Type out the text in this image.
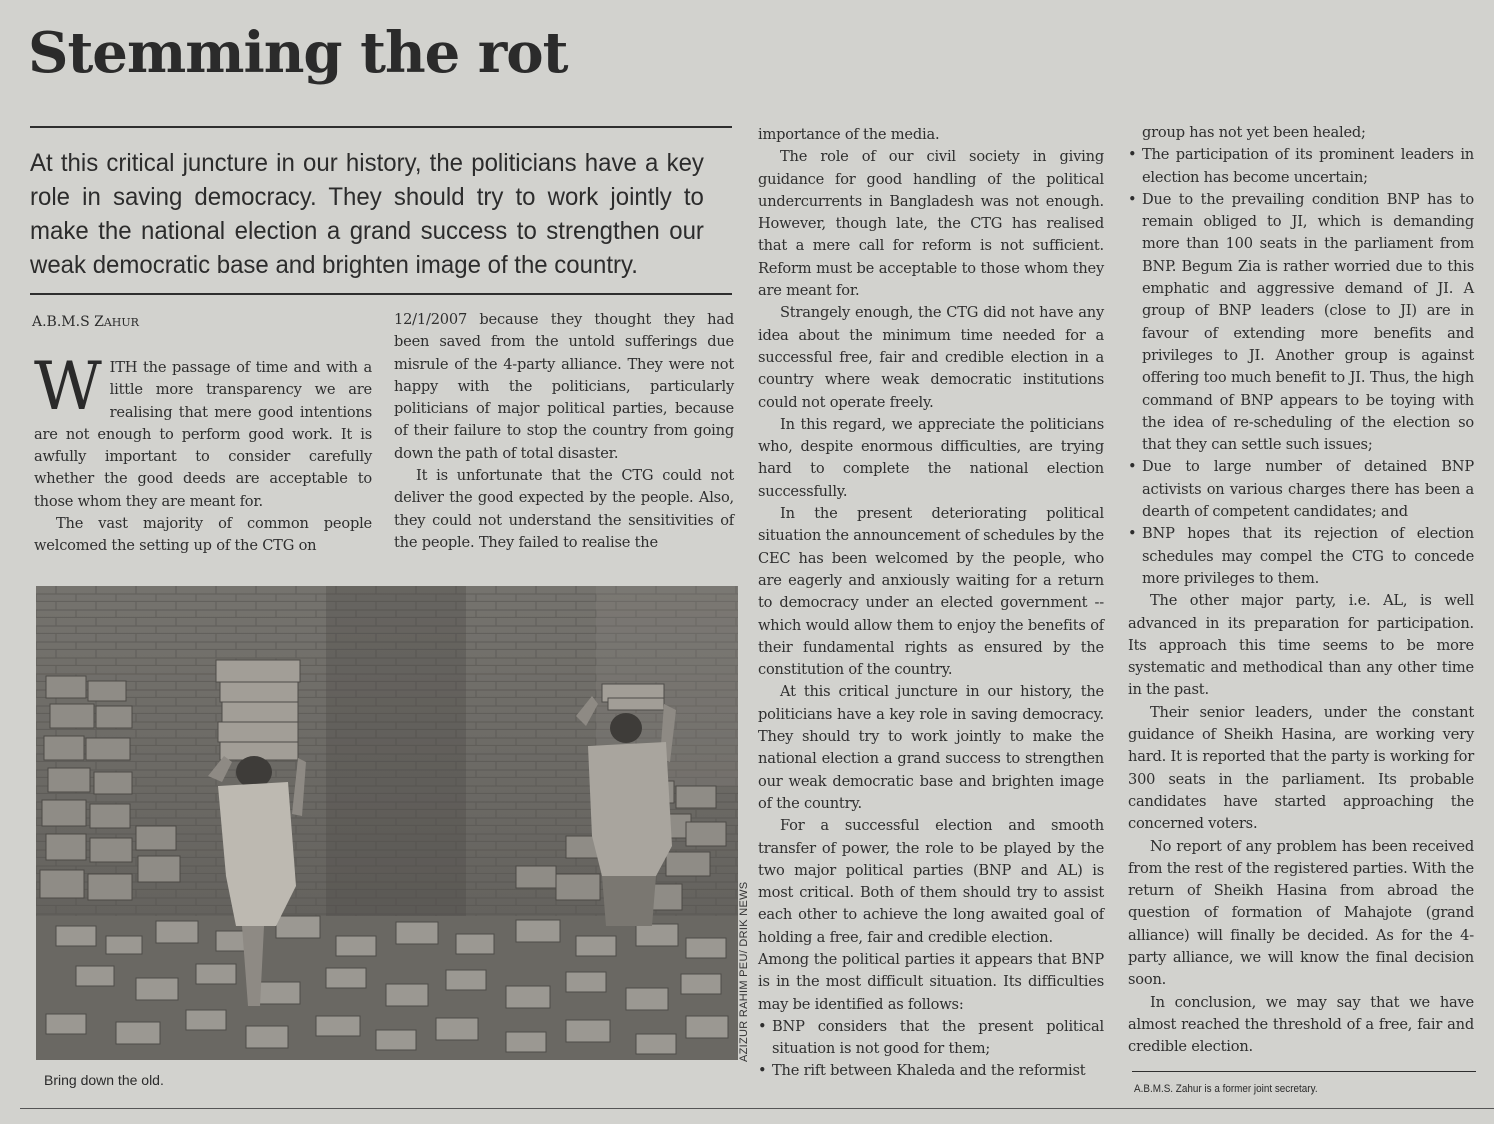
Stemming the rot

At this critical juncture in our history, the politicians have a key role in saving democracy. They should try to work jointly to make the national election a grand success to strengthen our weak democratic base and brighten image of the country.

A.B.M.S ZAHUR

WITH the passage of time and with a little more transparency we are realising that mere good intentions are not enough to perform good work. It is awfully important to consider carefully whether the good deeds are acceptable to those whom they are meant for.

The vast majority of common people welcomed the setting up of the CTG on

12/1/2007 because they thought they had been saved from the untold sufferings due misrule of the 4-party alliance. They were not happy with the politicians, particularly politicians of major political parties, because of their failure to stop the country from going down the path of total disaster.

It is unfortunate that the CTG could not deliver the good expected by the people. Also, they could not understand the sensitivities of the people. They failed to realise the

AZIZUR RAHIM PEU/ DRIK NEWS
Bring down the old.

importance of the media.

The role of our civil society in giving guidance for good handling of the political undercurrents in Bangladesh was not enough. However, though late, the CTG has realised that a mere call for reform is not sufficient. Reform must be acceptable to those whom they are meant for.

Strangely enough, the CTG did not have any idea about the minimum time needed for a successful free, fair and credible election in a country where weak democratic institutions could not operate freely.

In this regard, we appreciate the politicians who, despite enormous difficulties, are trying hard to complete the national election successfully.

In the present deteriorating political situation the announcement of schedules by the CEC has been welcomed by the people, who are eagerly and anxiously waiting for a return to democracy under an elected government -- which would allow them to enjoy the benefits of their fundamental rights as ensured by the constitution of the country.

At this critical juncture in our history, the politicians have a key role in saving democracy. They should try to work jointly to make the national election a grand success to strengthen our weak democratic base and brighten image of the country.

For a successful election and smooth transfer of power, the role to be played by the two major political parties (BNP and AL) is most critical. Both of them should try to assist each other to achieve the long awaited goal of holding a free, fair and credible election.

Among the political parties it appears that BNP is in the most difficult situation. Its difficulties may be identified as follows:

• BNP considers that the present political situation is not good for them;
• The rift between Khaleda and the reformist

group has not yet been healed;

• The participation of its prominent leaders in election has become uncertain;
• Due to the prevailing condition BNP has to remain obliged to JI, which is demanding more than 100 seats in the parliament from BNP. Begum Zia is rather worried due to this emphatic and aggressive demand of JI. A group of BNP leaders (close to JI) are in favour of extending more benefits and privileges to JI. Another group is against offering too much benefit to JI. Thus, the high command of BNP appears to be toying with the idea of re-scheduling of the election so that they can settle such issues;
• Due to large number of detained BNP activists on various charges there has been a dearth of competent candidates; and
• BNP hopes that its rejection of election schedules may compel the CTG to concede more privileges to them.

The other major party, i.e. AL, is well advanced in its preparation for participation. Its approach this time seems to be more systematic and methodical than any other time in the past.

Their senior leaders, under the constant guidance of Sheikh Hasina, are working very hard. It is reported that the party is working for 300 seats in the parliament. Its probable candidates have started approaching the concerned voters.

No report of any problem has been received from the rest of the registered parties. With the return of Sheikh Hasina from abroad the question of formation of Mahajote (grand alliance) will finally be decided. As for the 4-party alliance, we will know the final decision soon.

In conclusion, we may say that we have almost reached the threshold of a free, fair and credible election.

A.B.M.S. Zahur is a former joint secretary.
